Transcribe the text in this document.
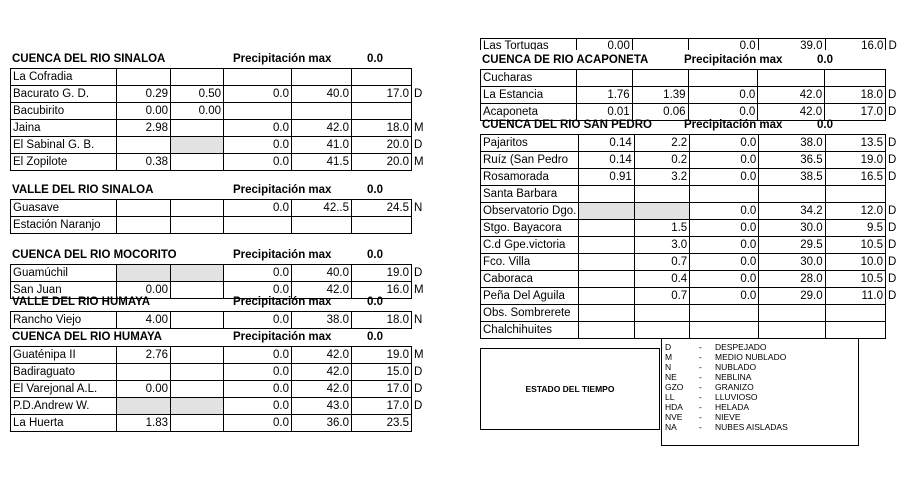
Las Tortugas	0.00		0.0	39.0	16.0	D
CUENCA DEL RIO SINALOA	Precipitación max	0.0
La Cofradia						
Bacurato G. D.	0.29	0.50	0.0	40.0	17.0	D
Bacubirito	0.00	0.00				
Jaina	2.98		0.0	42.0	18.0	M
El Sabinal G. B.			0.0	41.0	20.0	D
El Zopilote	0.38		0.0	41.5	20.0	M
VALLE DEL RIO SINALOA	Precipitación max	0.0
Guasave			0.0	42..5	24.5	N
Estación Naranjo						
CUENCA DEL RIO MOCORITO	Precipitación max	0.0
Guamúchil			0.0	40.0	19.0	D
San Juan	0.00		0.0	42.0	16.0	M
VALLE DEL RIO HUMAYA	Precipitación max	0.0
Rancho Viejo	4.00		0.0	38.0	18.0	N
CUENCA DEL RIO HUMAYA	Precipitación max	0.0
Guaténipa II	2.76		0.0	42.0	19.0	M
Badiraguato			0.0	42.0	15.0	D
El Varejonal A.L.	0.00		0.0	42.0	17.0	D
P.D.Andrew W.			0.0	43.0	17.0	D
La Huerta	1.83		0.0	36.0	23.5	
CUENCA DE RIO ACAPONETA	Precipitación max	0.0
Cucharas						
La Estancia	1.76	1.39	0.0	42.0	18.0	D
Acaponeta	0.01	0.06	0.0	42.0	17.0	D
CUENCA DEL RIO SAN PEDRO	Precipitación max	0.0
Pajaritos	0.14	2.2	0.0	38.0	13.5	D
Ruíz (San Pedro	0.14	0.2	0.0	36.5	19.0	D
Rosamorada	0.91	3.2	0.0	38.5	16.5	D
Santa Barbara						
Observatorio Dgo.			0.0	34.2	12.0	D
Stgo. Bayacora		1.5	0.0	30.0	9.5	D
C.d Gpe.victoria		3.0	0.0	29.5	10.5	D
Fco. Villa		0.7	0.0	30.0	10.0	D
Caboraca		0.4	0.0	28.0	10.5	D
Peña Del Aguila		0.7	0.0	29.0	11.0	D
Obs. Sombrerete						
Chalchihuites						
ESTADO DEL TIEMPO
D	- DESPEJADO
M	- MEDIO NUBLADO
N	- NUBLADO
NE	- NEBLINA
GZO - GRANIZO
LL	- LLUVIOSO
HDA - HELADA
NVE - NIEVE
NA	- NUBES AISLADAS
